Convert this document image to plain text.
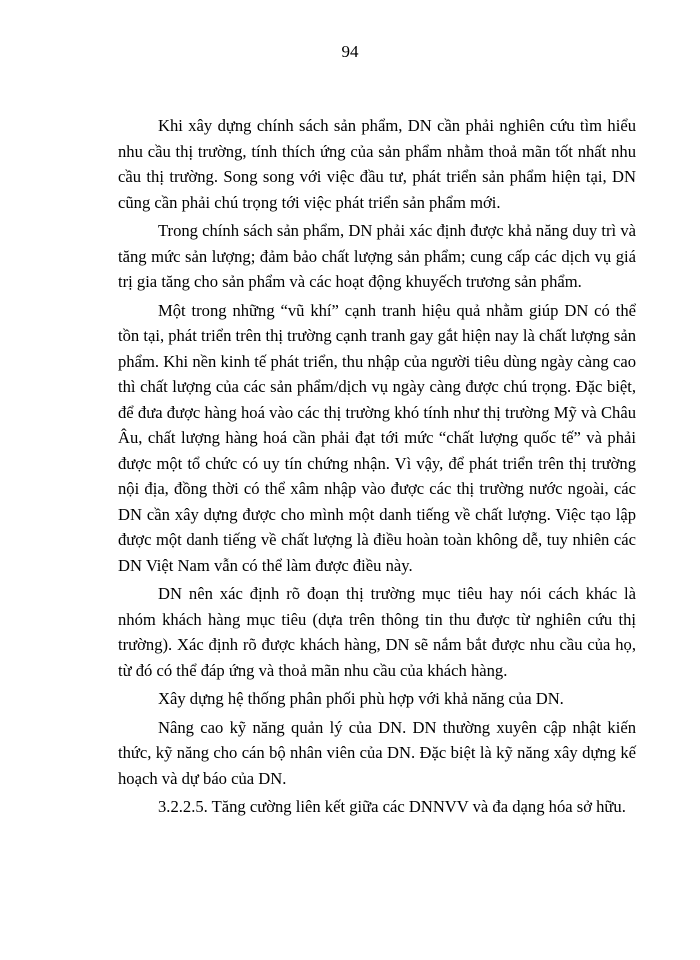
94

Khi xây dựng chính sách sản phẩm, DN cần phải nghiên cứu tìm hiểu nhu cầu thị trường, tính thích ứng của sản phẩm nhằm thoả mãn tốt nhất nhu cầu thị trường. Song song với việc đầu tư, phát triển sản phẩm hiện tại, DN cũng cần phải chú trọng tới việc phát triển sản phẩm mới.

Trong chính sách sản phẩm, DN phải xác định được khả năng duy trì và tăng mức sản lượng; đảm bảo chất lượng sản phẩm; cung cấp các dịch vụ giá trị gia tăng cho sản phẩm và các hoạt động khuyếch trương sản phẩm.

Một trong những “vũ khí” cạnh tranh hiệu quả nhằm giúp DN có thể tồn tại, phát triển trên thị trường cạnh tranh gay gắt hiện nay là chất lượng sản phẩm. Khi nền kinh tế phát triển, thu nhập của người tiêu dùng ngày càng cao thì chất lượng của các sản phẩm/dịch vụ ngày càng được chú trọng. Đặc biệt, để đưa được hàng hoá vào các thị trường khó tính như thị trường Mỹ và Châu Âu, chất lượng hàng hoá cần phải đạt tới mức “chất lượng quốc tế” và phải được một tổ chức có uy tín chứng nhận. Vì vậy, để phát triển trên thị trường nội địa, đồng thời có thể xâm nhập vào được các thị trường nước ngoài, các DN cần xây dựng được cho mình một danh tiếng về chất lượng. Việc tạo lập được một danh tiếng về chất lượng là điều hoàn toàn không dễ, tuy nhiên các DN Việt Nam vẫn có thể làm được điều này.

DN nên xác định rõ đoạn thị trường mục tiêu hay nói cách khác là nhóm khách hàng mục tiêu (dựa trên thông tin thu được từ nghiên cứu thị trường). Xác định rõ được khách hàng, DN sẽ nắm bắt được nhu cầu của họ, từ đó có thể đáp ứng và thoả mãn nhu cầu của khách hàng.

Xây dựng hệ thống phân phối phù hợp với khả năng của DN.

Nâng cao kỹ năng quản lý của DN. DN thường xuyên cập nhật kiến thức, kỹ năng cho cán bộ nhân viên của DN. Đặc biệt là kỹ năng xây dựng kế hoạch và dự báo của DN.

3.2.2.5. Tăng cường liên kết giữa các DNNVV và đa dạng hóa sở hữu.
